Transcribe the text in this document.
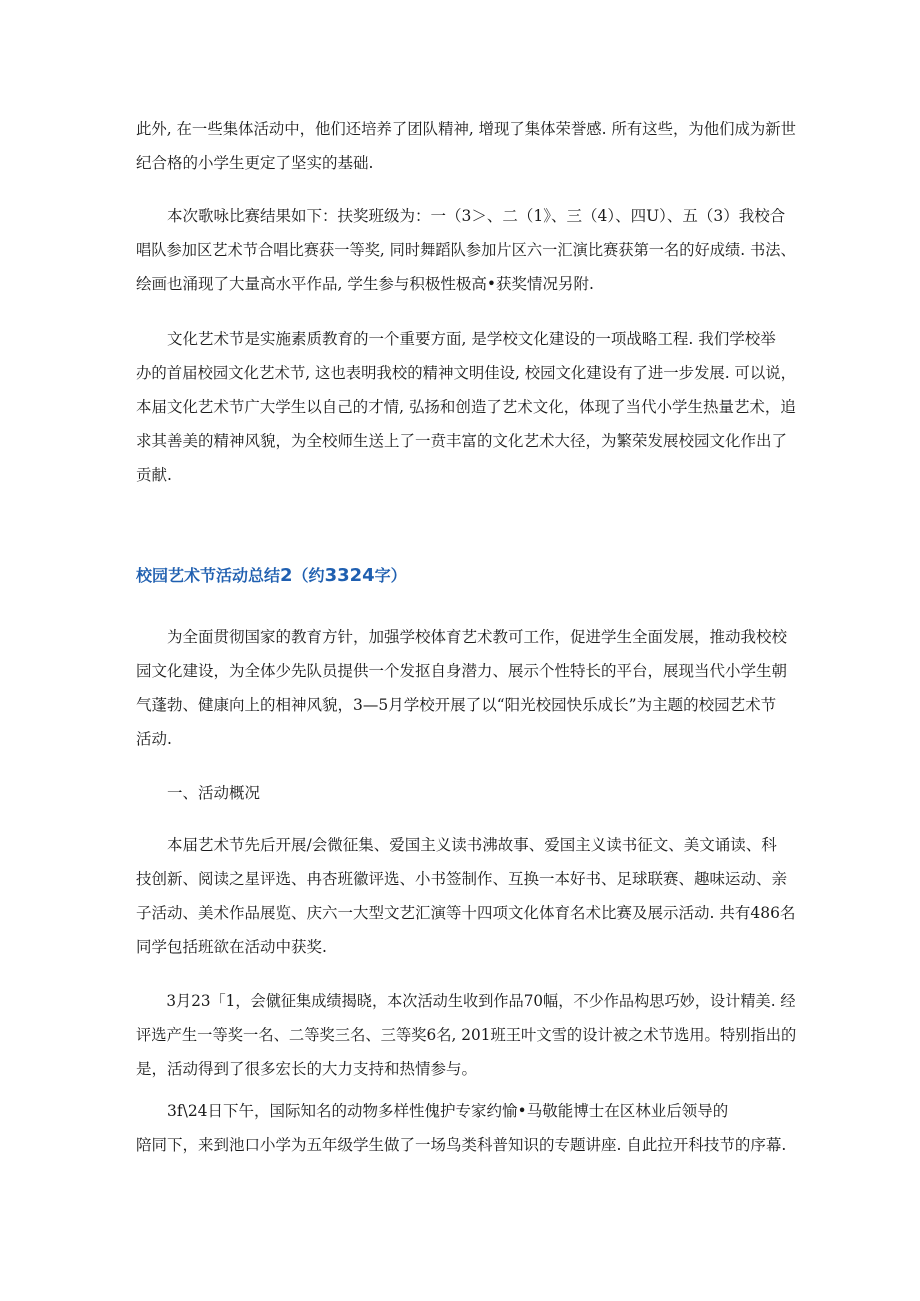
此外, 在一些集体活动中，他们还培养了团队精神, 增现了集体荣誉感. 所有这些，为他们成为新世
纪合格的小学生更定了坚实的基础.

　　本次歌咏比赛结果如下：扶奖班级为：一（3＞、二（1》、三（4）、四U）、五（3）我校合
唱队参加区艺术节合唱比赛获一等奖, 同时舞蹈队参加片区六一汇演比赛获第一名的好成绩. 书法、
绘画也涌现了大量高水平作品, 学生参与积极性极高•获奖情况另附.

　　文化艺术节是实施素质教育的一个重要方面, 是学校文化建设的一项战略工程. 我们学校举
办的首届校园文化艺术节, 这也表明我校的精神文明佳设, 校园文化建设有了进一步发展. 可以说，
本届文化艺术节广大学生以自己的才情, 弘扬和创造了艺术文化，体现了当代小学生热量艺术，追
求其善美的精神风貌，为全校师生送上了一贲丰富的文化艺术大径，为繁荣发展校园文化作出了
贡献.

校园艺术节活动总结2（约3324字）

　　为全面贯彻国家的教育方针，加强学校体育艺术教可工作，促进学生全面发展，推动我校校
园文化建设，为全体少先队员提供一个发抠自身潜力、展示个性特长的平台，展现当代小学生朝
气蓬勃、健康向上的相神风貌，3—5月学校开展了以“阳光校园快乐成长”为主题的校园艺术节
活动.

　　一、活动概况

　　本届艺术节先后开展/会微征集、爱国主义读书沸故事、爱国主义读书征文、美文诵读、科
技创新、阅读之星评选、冉杏班徽评选、小书签制作、互换一本好书、足球联赛、趣味运动、亲
子活动、美术作品展览、庆六一大型文艺汇演等十四项文化体育名术比赛及展示活动. 共有486名
同学包括班欲在活动中获奖.

　　3月23「1，会僦征集成绩揭晓，本次活动生收到作品70幅，不少作品构思巧妙，设计精美. 经
评选产生一等奖一名、二等奖三名、三等奖6名, 201班王叶文雪的设计被之术节选用。特别指出的
是，活动得到了很多宏长的大力支持和热情参与。

　　3f\24日下午，国际知名的动物多样性傀护专家约愉•马敬能博士在区林业后领导的
陪同下，来到池口小学为五年级学生做了一场鸟类科普知识的专题讲座. 自此拉开科技节的序幕.
